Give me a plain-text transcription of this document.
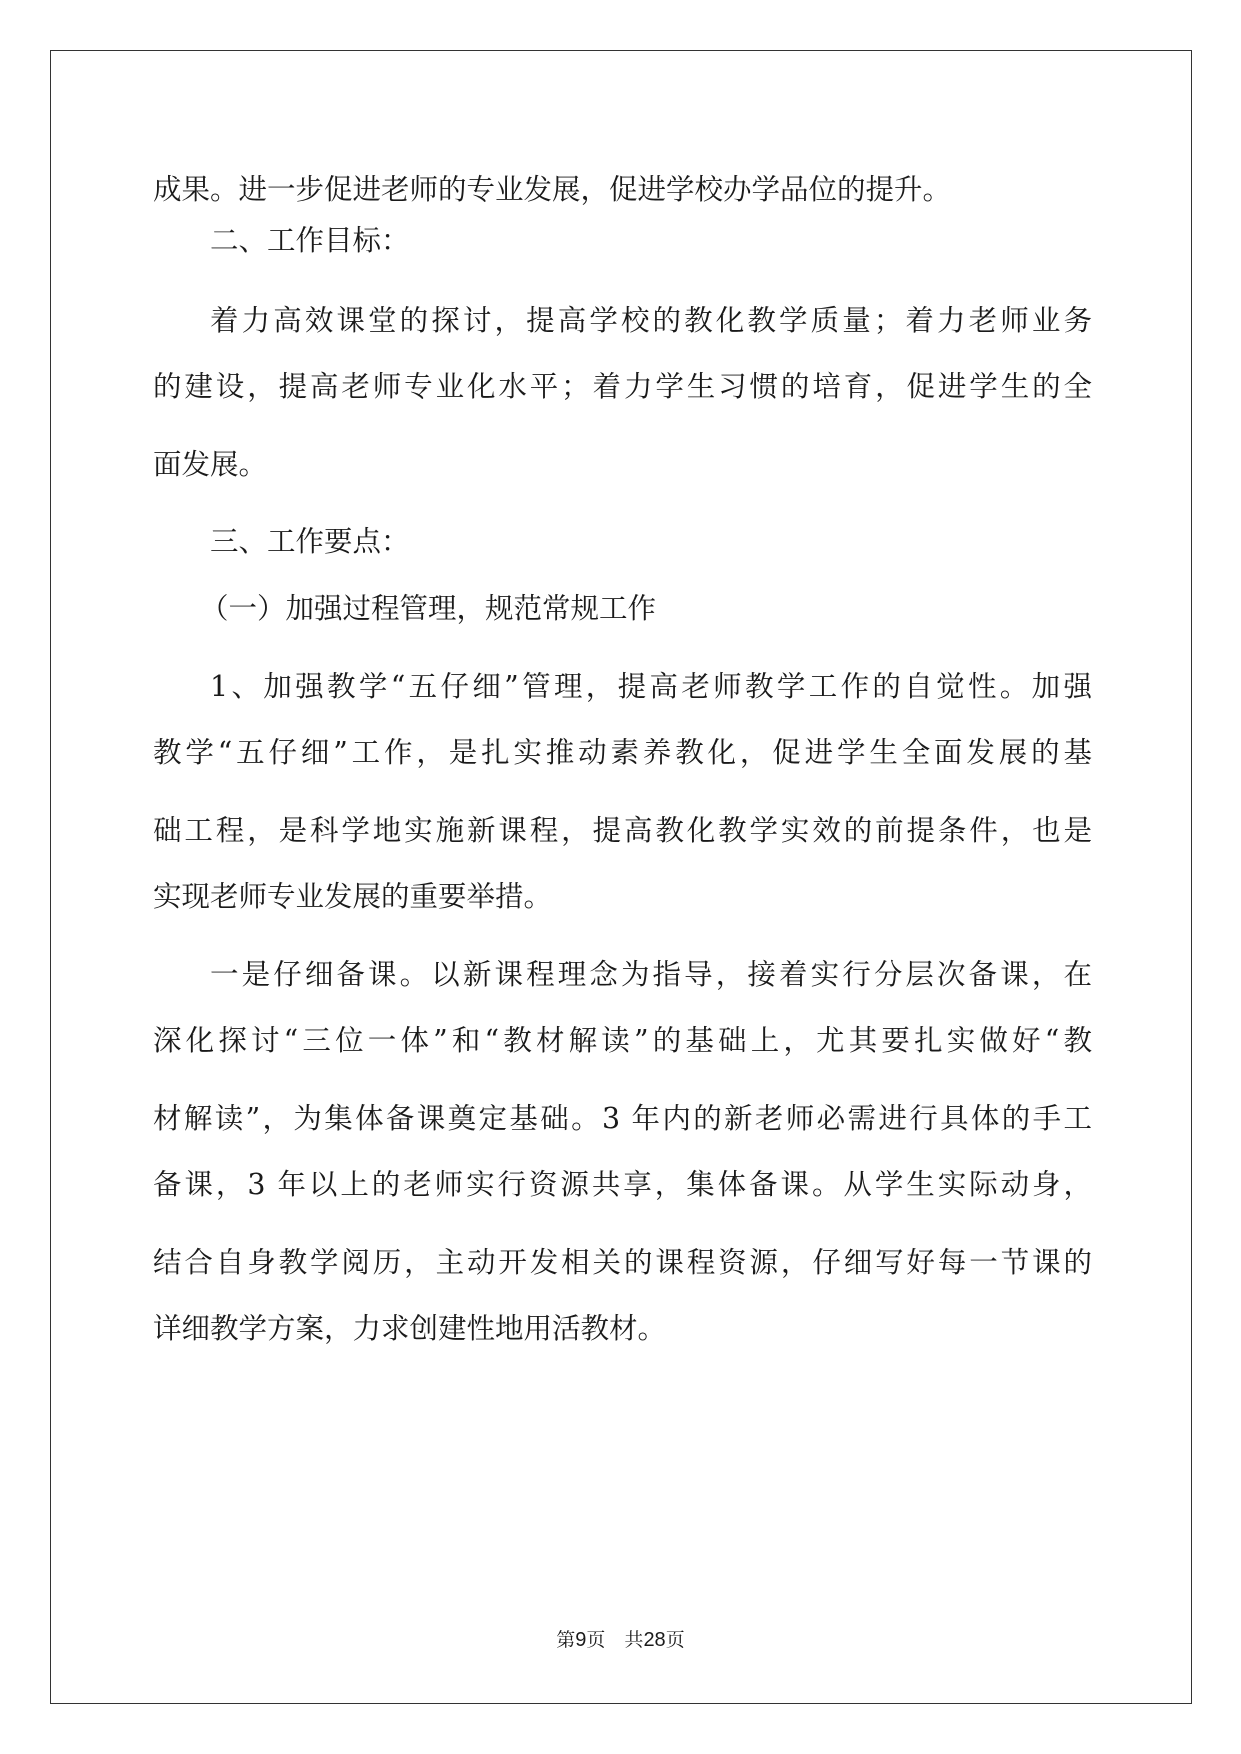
成果。进一步促进老师的专业发展，促进学校办学品位的提升。
二、工作目标：
着力高效课堂的探讨，提高学校的教化教学质量；着力老师业务
的建设，提高老师专业化水平；着力学生习惯的培育，促进学生的全
面发展。
三、工作要点：
（一）加强过程管理，规范常规工作
1、加强教学“五仔细”管理，提高老师教学工作的自觉性。加强
教学“五仔细”工作，是扎实推动素养教化，促进学生全面发展的基
础工程，是科学地实施新课程，提高教化教学实效的前提条件，也是
实现老师专业发展的重要举措。
一是仔细备课。以新课程理念为指导，接着实行分层次备课，在
深化探讨“三位一体”和“教材解读”的基础上，尤其要扎实做好“教
材解读”，为集体备课奠定基础。3 年内的新老师必需进行具体的手工
备课，3 年以上的老师实行资源共享，集体备课。从学生实际动身，
结合自身教学阅历，主动开发相关的课程资源，仔细写好每一节课的
详细教学方案，力求创建性地用活教材。
第9页　共28页
